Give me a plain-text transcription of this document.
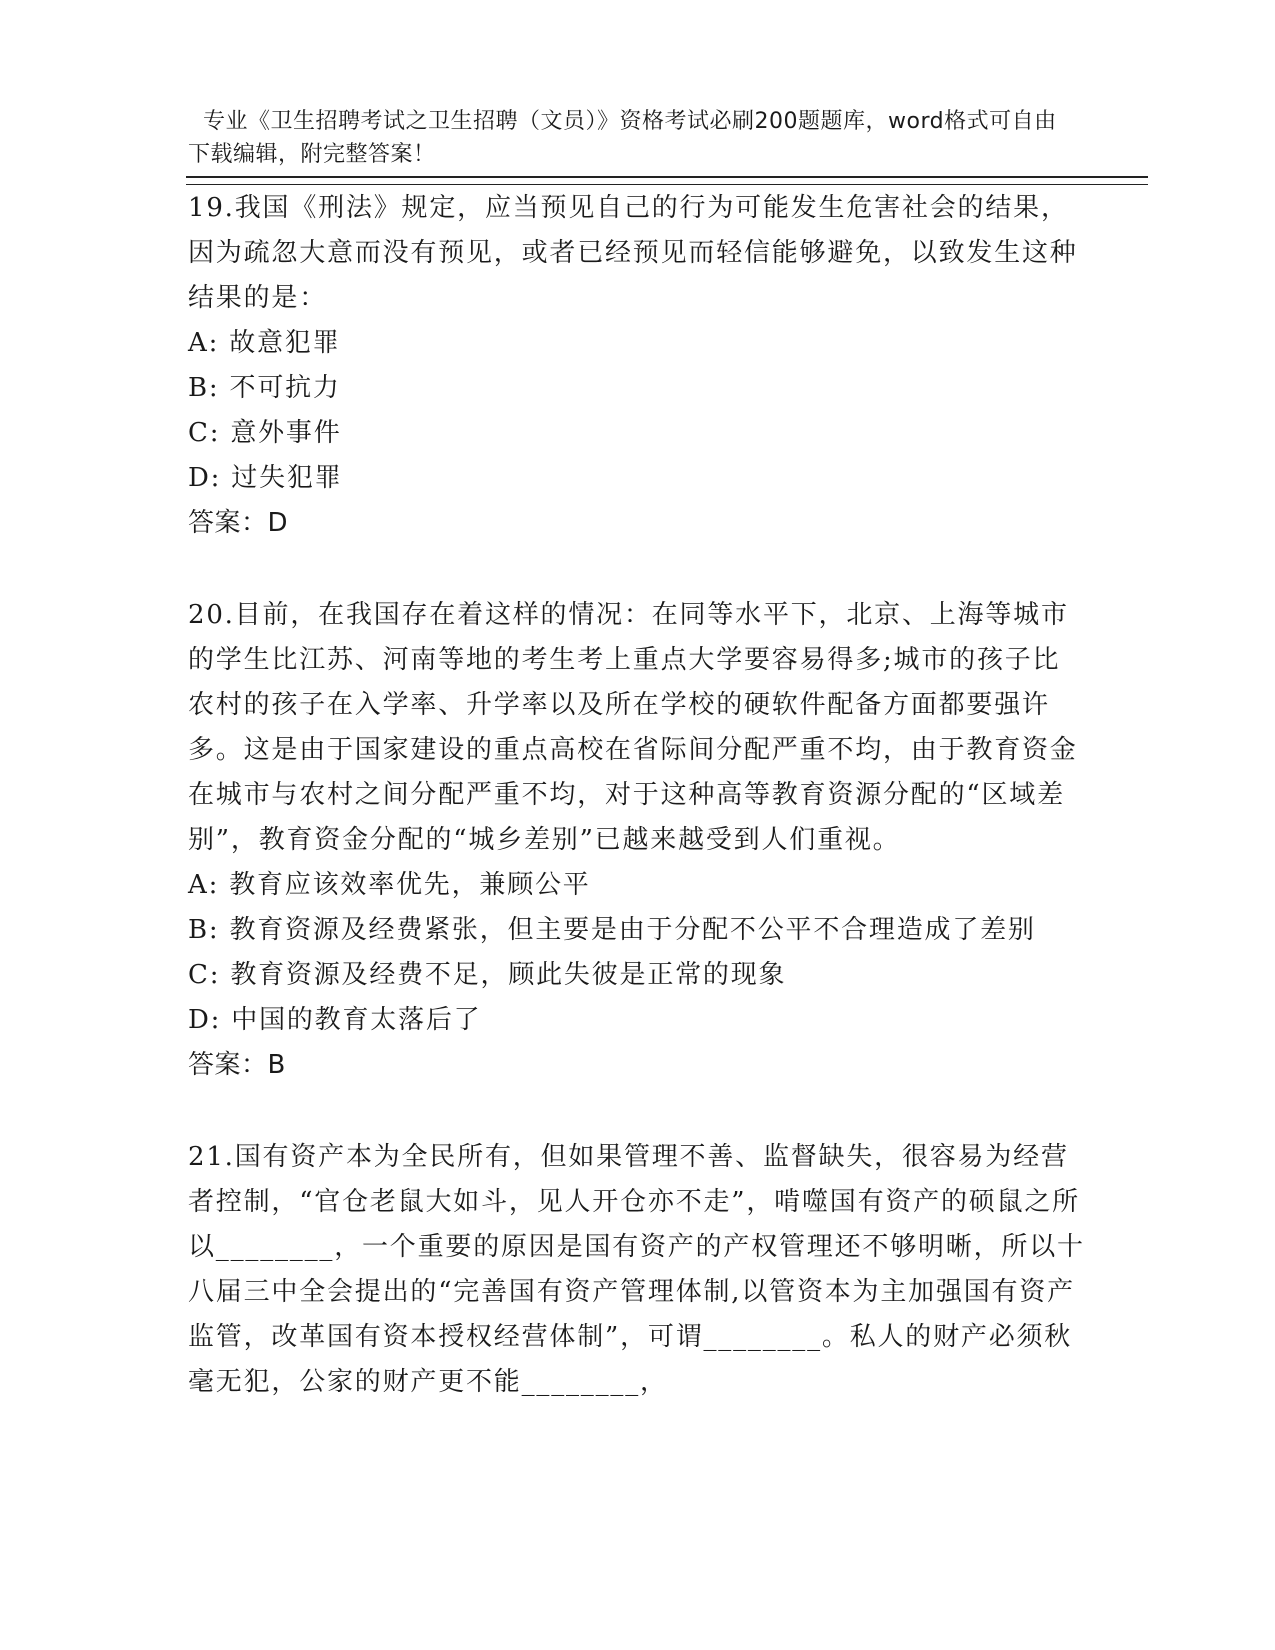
专业《卫生招聘考试之卫生招聘（文员）》资格考试必刷200题题库，word格式可自由下载编辑，附完整答案！

19.我国《刑法》规定，应当预见自己的行为可能发生危害社会的结果，因为疏忽大意而没有预见，或者已经预见而轻信能够避免，以致发生这种结果的是：

A: 故意犯罪

B: 不可抗力

C: 意外事件

D: 过失犯罪

答案：D

20.目前，在我国存在着这样的情况：在同等水平下，北京、上海等城市的学生比江苏、河南等地的考生考上重点大学要容易得多;城市的孩子比农村的孩子在入学率、升学率以及所在学校的硬软件配备方面都要强许多。这是由于国家建设的重点高校在省际间分配严重不均，由于教育资金在城市与农村之间分配严重不均，对于这种高等教育资源分配的“区域差别”，教育资金分配的“城乡差别”已越来越受到人们重视。

A: 教育应该效率优先，兼顾公平

B: 教育资源及经费紧张，但主要是由于分配不公平不合理造成了差别

C: 教育资源及经费不足，顾此失彼是正常的现象

D: 中国的教育太落后了

答案：B

21.国有资产本为全民所有，但如果管理不善、监督缺失，很容易为经营者控制，“官仓老鼠大如斗，见人开仓亦不走”，啃噬国有资产的硕鼠之所以________，一个重要的原因是国有资产的产权管理还不够明晰，所以十八届三中全会提出的“完善国有资产管理体制,以管资本为主加强国有资产监管，改革国有资本授权经营体制”，可谓________。私人的财产必须秋毫无犯，公家的财产更不能________，
